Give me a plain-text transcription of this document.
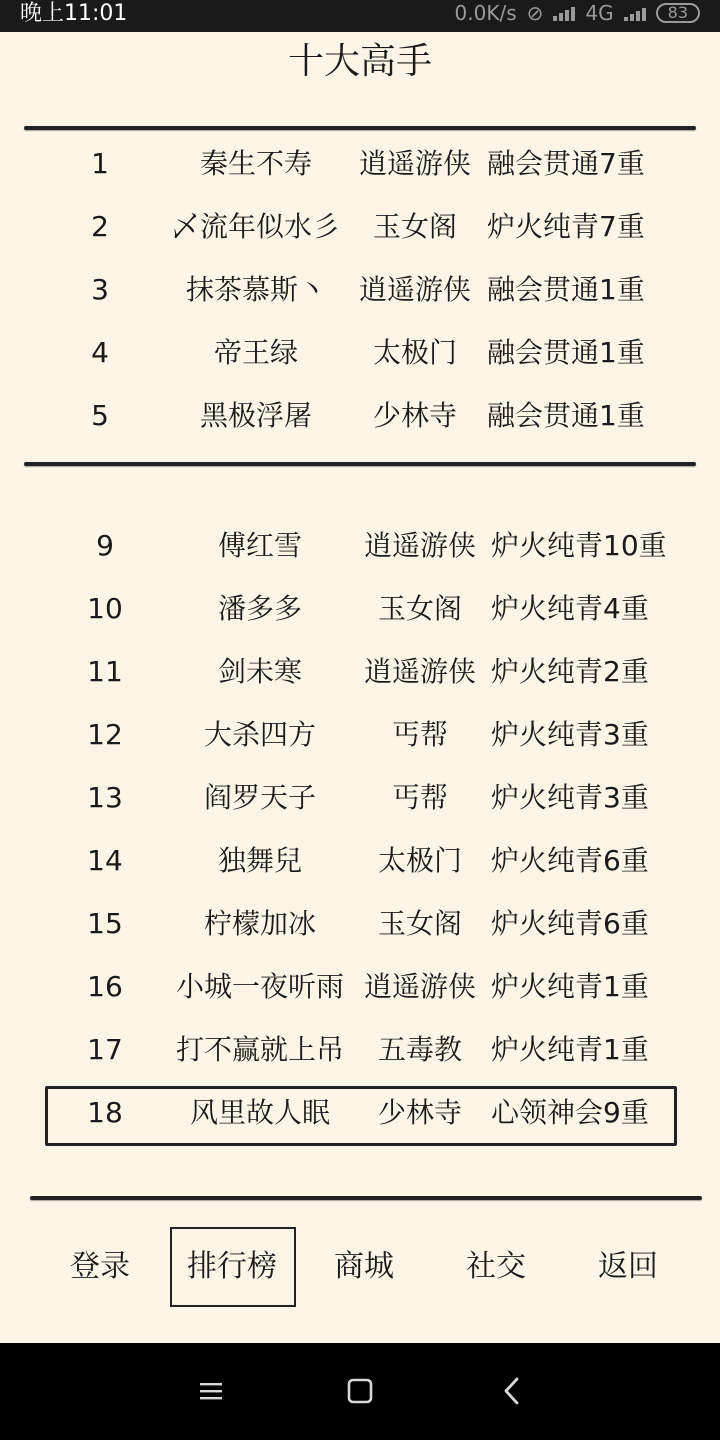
晚上11:01	0.0K/s ⊘ 4G	83
十大高手
1	秦生不寿 逍遥游侠 融会贯通7重
2 乄流年似水彡 玉女阁 炉火纯青7重
3	抹茶慕斯丶 逍遥游侠 融会贯通1重
4	帝王绿	太极门 融会贯通1重
5	黑极浮屠 少林寺 融会贯通1重
9	傅红雪 逍遥游侠 炉火纯青10重
10	潘多多	玉女阁 炉火纯青4重
11	剑未寒 逍遥游侠 炉火纯青2重
12	大杀四方	丐帮 炉火纯青3重
13	阎罗天子	丐帮 炉火纯青3重
14	独舞兒	太极门 炉火纯青6重
15	柠檬加冰 玉女阁 炉火纯青6重
16 小城一夜听雨 逍遥游侠 炉火纯青1重
17 打不赢就上吊 五毒教 炉火纯青1重
18 风里故人眠 少林寺 心领神会9重
登录 排行榜 商城 社交 返回
